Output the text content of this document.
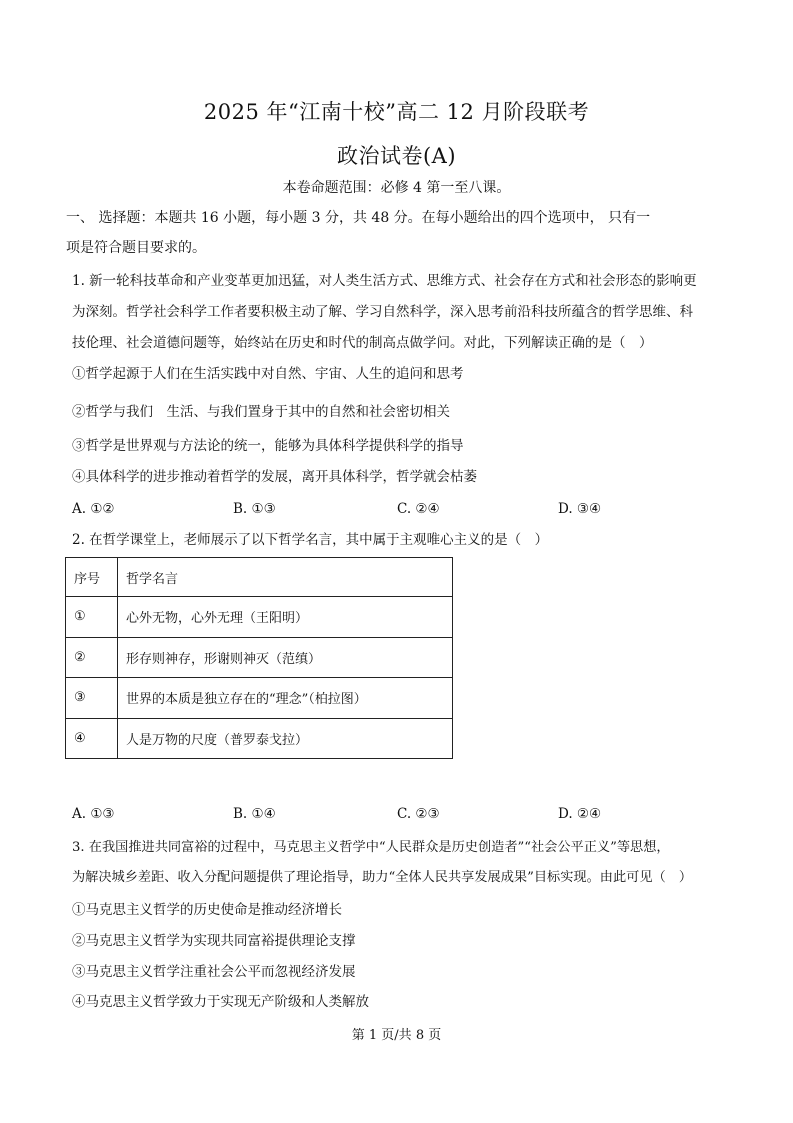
2025 年“江南十校”高二 12 月阶段联考
政治试卷(A)
本卷命题范围：必修 4 第一至八课。
一、 选择题：本题共 16 小题，每小题 3 分，共 48 分。在每小题给出的四个选项中， 只有一
项是符合题目要求的。
1. 新一轮科技革命和产业变革更加迅猛，对人类生活方式、思维方式、社会存在方式和社会形态的影响更
为深刻。哲学社会科学工作者要积极主动了解、学习自然科学，深入思考前沿科技所蕴含的哲学思维、科
技伦理、社会道德问题等，始终站在历史和时代的制高点做学问。对此，下列解读正确的是（　）
①哲学起源于人们在生活实践中对自然、宇宙、人生的追问和思考
②哲学与我们　生活、与我们置身于其中的自然和社会密切相关
③哲学是世界观与方法论的统一，能够为具体科学提供科学的指导
④具体科学的进步推动着哲学的发展，离开具体科学，哲学就会枯萎
A. ①②	B. ①③	C. ②④	D. ③④
2. 在哲学课堂上，老师展示了以下哲学名言，其中属于主观唯心主义的是（　）
序号	哲学名言
①	心外无物，心外无理（王阳明）
②	形存则神存，形谢则神灭（范缜）
③	世界的本质是独立存在的“理念”（柏拉图）
④	人是万物的尺度（普罗泰戈拉）
A. ①③	B. ①④	C. ②③	D. ②④
3. 在我国推进共同富裕的过程中，马克思主义哲学中“人民群众是历史创造者”“社会公平正义”等思想，
为解决城乡差距、收入分配问题提供了理论指导，助力“全体人民共享发展成果”目标实现。由此可见（　）
①马克思主义哲学的历史使命是推动经济增长
②马克思主义哲学为实现共同富裕提供理论支撑
③马克思主义哲学注重社会公平而忽视经济发展
④马克思主义哲学致力于实现无产阶级和人类解放
第 1 页/共 8 页
